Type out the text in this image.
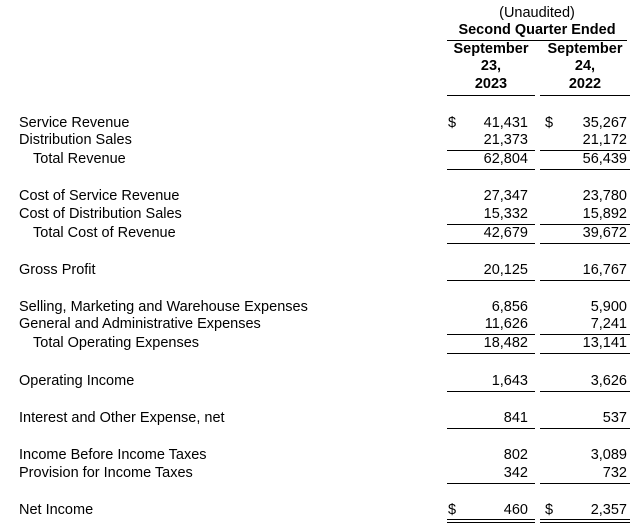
(Unaudited)
Second Quarter Ended
September
23,
2023
September
24,
2022
Service Revenue	$	41,431 $	35,267
Distribution Sales	21,373	21,172
Total Revenue	62,804	56,439
Cost of Service Revenue	27,347	23,780
Cost of Distribution Sales	15,332	15,892
Total Cost of Revenue	42,679	39,672
Gross Profit	20,125	16,767
Selling, Marketing and Warehouse Expenses	6,856	5,900
General and Administrative Expenses	11,626	7,241
Total Operating Expenses	18,482	13,141
Operating Income	1,643	3,626
Interest and Other Expense, net	841	537
Income Before Income Taxes	802	3,089
Provision for Income Taxes	342	732
Net Income	$	460 $	2,357
